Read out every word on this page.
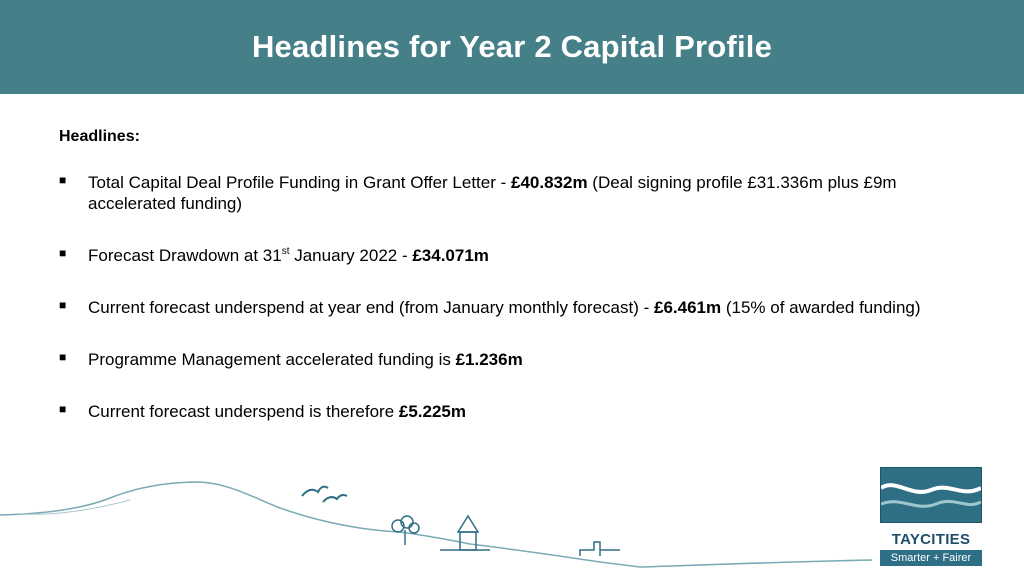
Headlines for Year 2 Capital Profile
Headlines:
■ Total Capital Deal Profile Funding in Grant Offer Letter - £40.832m (Deal signing profile £31.336m plus £9m accelerated funding)
■ Forecast Drawdown at 31st January 2022 - £34.071m
■ Current forecast underspend at year end (from January monthly forecast) - £6.461m (15% of awarded funding)
■ Programme Management accelerated funding is £1.236m
■ Current forecast underspend is therefore £5.225m
TAYCITIES
Smarter + Fairer
